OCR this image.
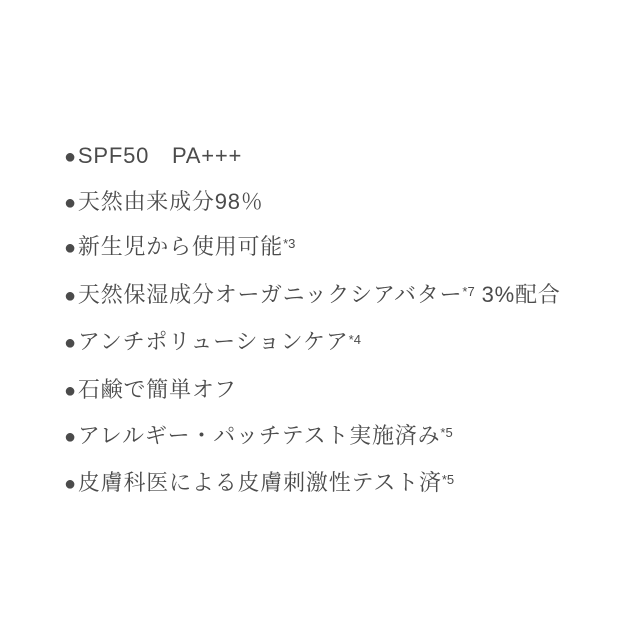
●SPF50　PA+++
●天然由来成分98％
●新生児から使用可能$^{*3}$
●天然保湿成分オーガニックシアバター$^{*7}$ 3%配合
●アンチポリューションケア$^{*4}$
●石鹸で簡単オフ
●アレルギー・パッチテスト実施済み$^{*5}$
●皮膚科医による皮膚刺激性テスト済$^{*5}$
